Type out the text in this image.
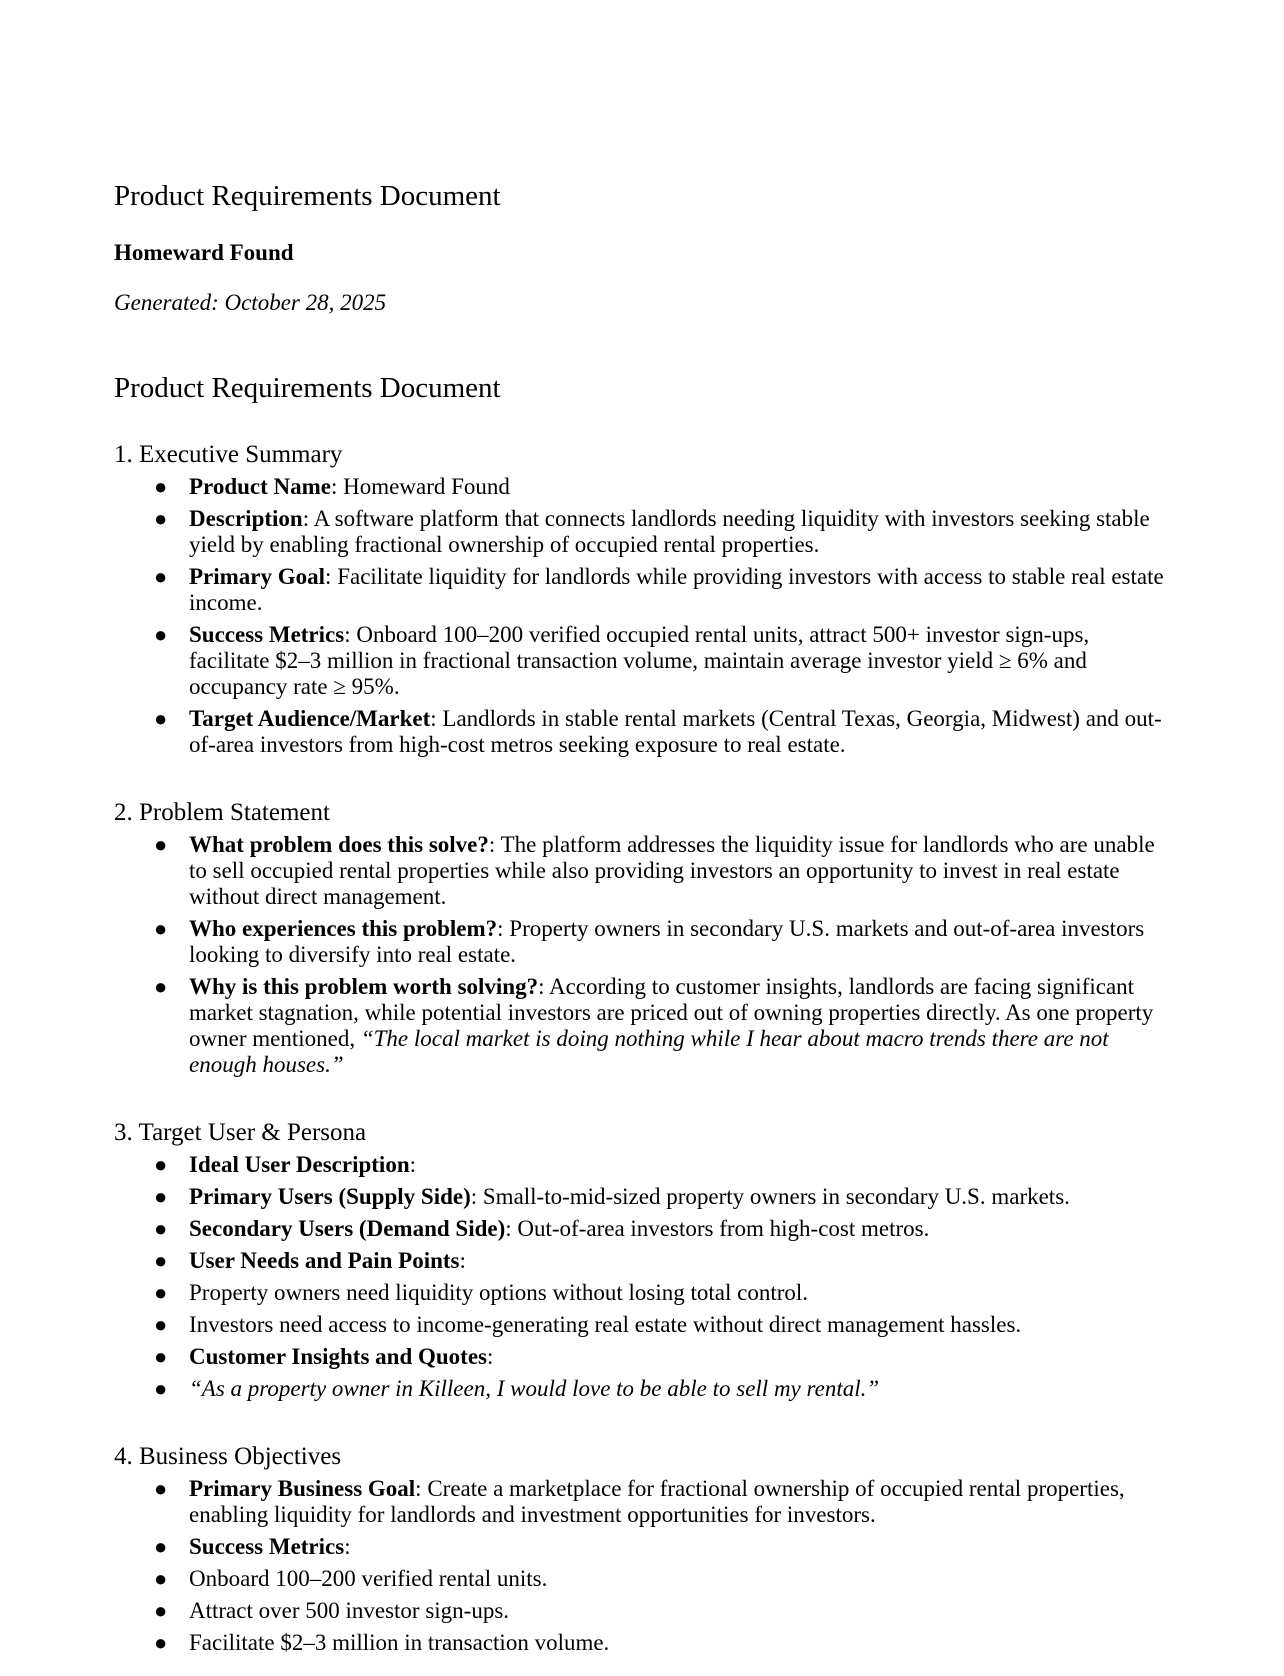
Product Requirements Document

Homeward Found

Generated: October 28, 2025

Product Requirements Document
1. Executive Summary
● Product Name: Homeward Found
● Description: A software platform that connects landlords needing liquidity with investors seeking stable yield by enabling fractional ownership of occupied rental properties.
● Primary Goal: Facilitate liquidity for landlords while providing investors with access to stable real estate income.
● Success Metrics: Onboard 100–200 verified occupied rental units, attract 500+ investor sign-ups, facilitate $2–3 million in fractional transaction volume, maintain average investor yield ≥ 6% and occupancy rate ≥ 95%.
● Target Audience/Market: Landlords in stable rental markets (Central Texas, Georgia, Midwest) and out-of-area investors from high-cost metros seeking exposure to real estate.
2. Problem Statement
● What problem does this solve?: The platform addresses the liquidity issue for landlords who are unable to sell occupied rental properties while also providing investors an opportunity to invest in real estate without direct management.
● Who experiences this problem?: Property owners in secondary U.S. markets and out-of-area investors looking to diversify into real estate.
● Why is this problem worth solving?: According to customer insights, landlords are facing significant market stagnation, while potential investors are priced out of owning properties directly. As one property owner mentioned, “The local market is doing nothing while I hear about macro trends there are not enough houses.”
3. Target User & Persona
● Ideal User Description:
● Primary Users (Supply Side): Small-to-mid-sized property owners in secondary U.S. markets.
● Secondary Users (Demand Side): Out-of-area investors from high-cost metros.
● User Needs and Pain Points:
● Property owners need liquidity options without losing total control.
● Investors need access to income-generating real estate without direct management hassles.
● Customer Insights and Quotes:
● “As a property owner in Killeen, I would love to be able to sell my rental.”
4. Business Objectives
● Primary Business Goal: Create a marketplace for fractional ownership of occupied rental properties, enabling liquidity for landlords and investment opportunities for investors.
● Success Metrics:
● Onboard 100–200 verified rental units.
● Attract over 500 investor sign-ups.
● Facilitate $2–3 million in transaction volume.
